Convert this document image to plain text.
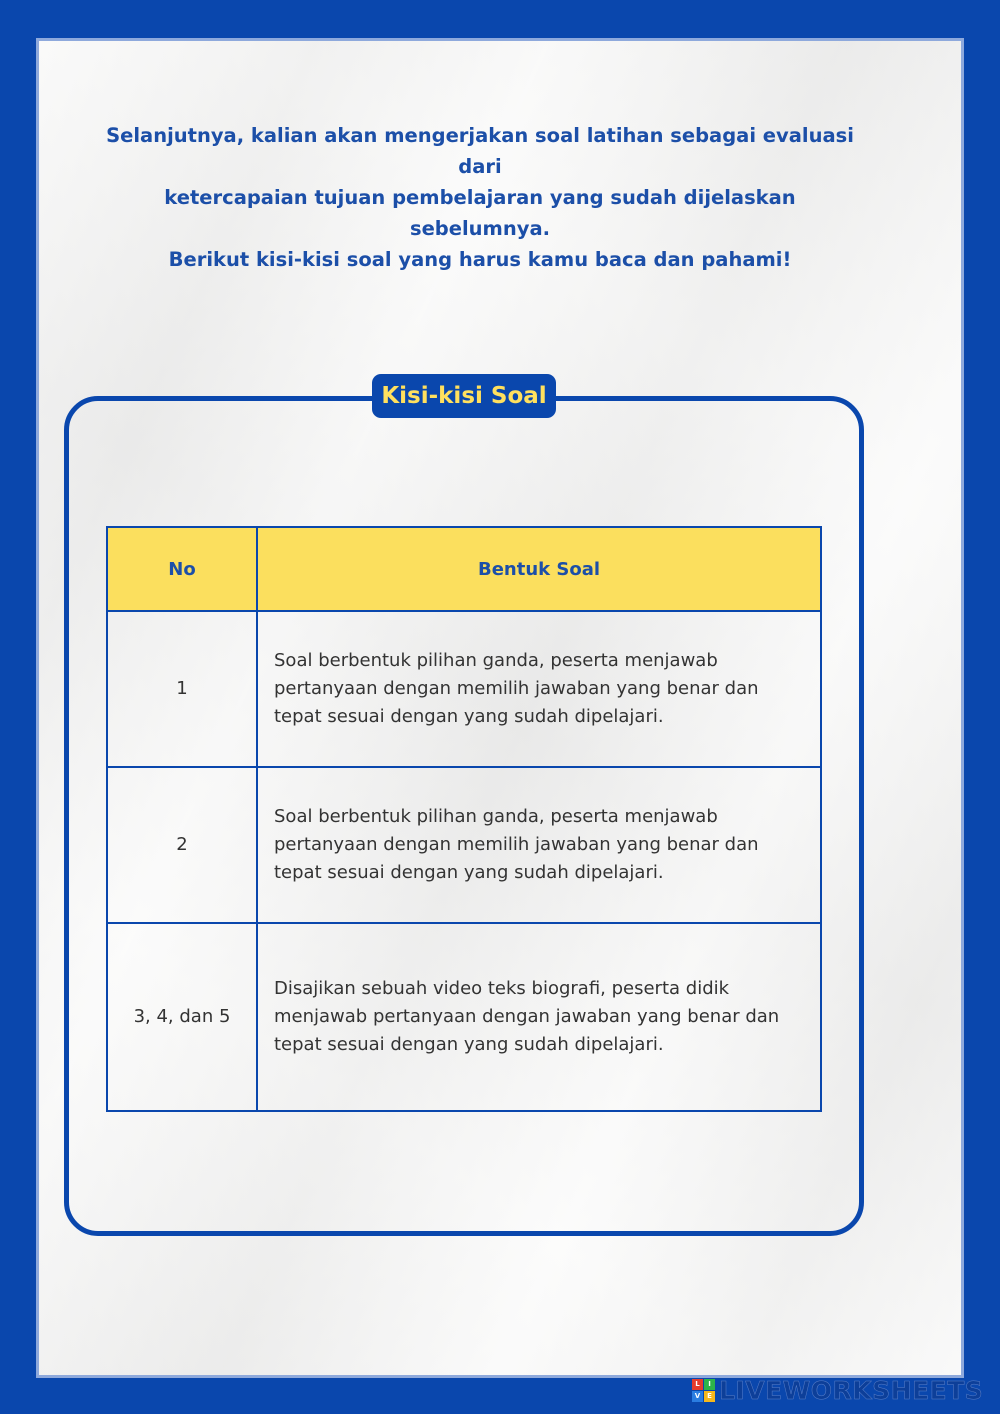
Selanjutnya, kalian akan mengerjakan soal latihan sebagai evaluasi dari
ketercapaian tujuan pembelajaran yang sudah dijelaskan sebelumnya.
Berikut kisi-kisi soal yang harus kamu baca dan pahami!

Kisi-kisi Soal
No	Bentuk Soal
1	Soal berbentuk pilihan ganda, peserta menjawab pertanyaan dengan memilih jawaban yang benar dan tepat sesuai dengan yang sudah dipelajari.
2	Soal berbentuk pilihan ganda, peserta menjawab pertanyaan dengan memilih jawaban yang benar dan tepat sesuai dengan yang sudah dipelajari.
3, 4, dan 5	Disajikan sebuah video teks biografi, peserta didik menjawab pertanyaan dengan jawaban yang benar dan tepat sesuai dengan yang sudah dipelajari.
L	I
V E LIVEWORKSHEETS
